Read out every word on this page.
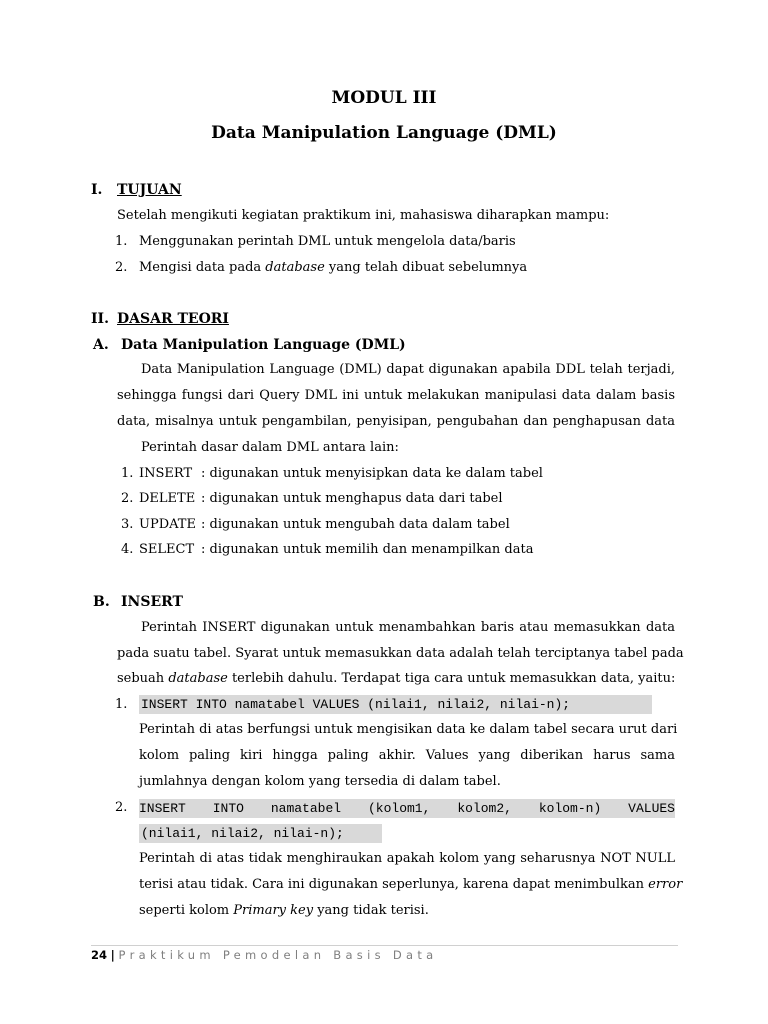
MODUL III
Data Manipulation Language (DML)
I. TUJUAN
Setelah mengikuti kegiatan praktikum ini, mahasiswa diharapkan mampu:
1. Menggunakan perintah DML untuk mengelola data/baris
2. Mengisi data pada database yang telah dibuat sebelumnya
II. DASAR TEORI
A. Data Manipulation Language (DML)
Data Manipulation Language (DML) dapat digunakan apabila DDL telah terjadi,
sehingga fungsi dari Query DML ini untuk melakukan manipulasi data dalam basis
data, misalnya untuk pengambilan, penyisipan, pengubahan dan penghapusan data
Perintah dasar dalam DML antara lain:
1. INSERT : digunakan untuk menyisipkan data ke dalam tabel
2. DELETE : digunakan untuk menghapus data dari tabel
3. UPDATE : digunakan untuk mengubah data dalam tabel
4. SELECT : digunakan untuk memilih dan menampilkan data
B. INSERT
Perintah INSERT digunakan untuk menambahkan baris atau memasukkan data
pada suatu tabel. Syarat untuk memasukkan data adalah telah terciptanya tabel pada
sebuah database terlebih dahulu. Terdapat tiga cara untuk memasukkan data, yaitu:
1. INSERT INTO namatabel VALUES (nilai1, nilai2, nilai-n);
Perintah di atas berfungsi untuk mengisikan data ke dalam tabel secara urut dari
kolom paling kiri hingga paling akhir. Values yang diberikan harus sama
jumlahnya dengan kolom yang tersedia di dalam tabel.
2. INSERT INTO namatabel (kolom1, kolom2, kolom-n) VALUES
(nilai1, nilai2, nilai-n);
Perintah di atas tidak menghiraukan apakah kolom yang seharusnya NOT NULL
terisi atau tidak. Cara ini digunakan seperlunya, karena dapat menimbulkan error
seperti kolom Primary key yang tidak terisi.
24 | Praktikum Pemodelan Basis Data
